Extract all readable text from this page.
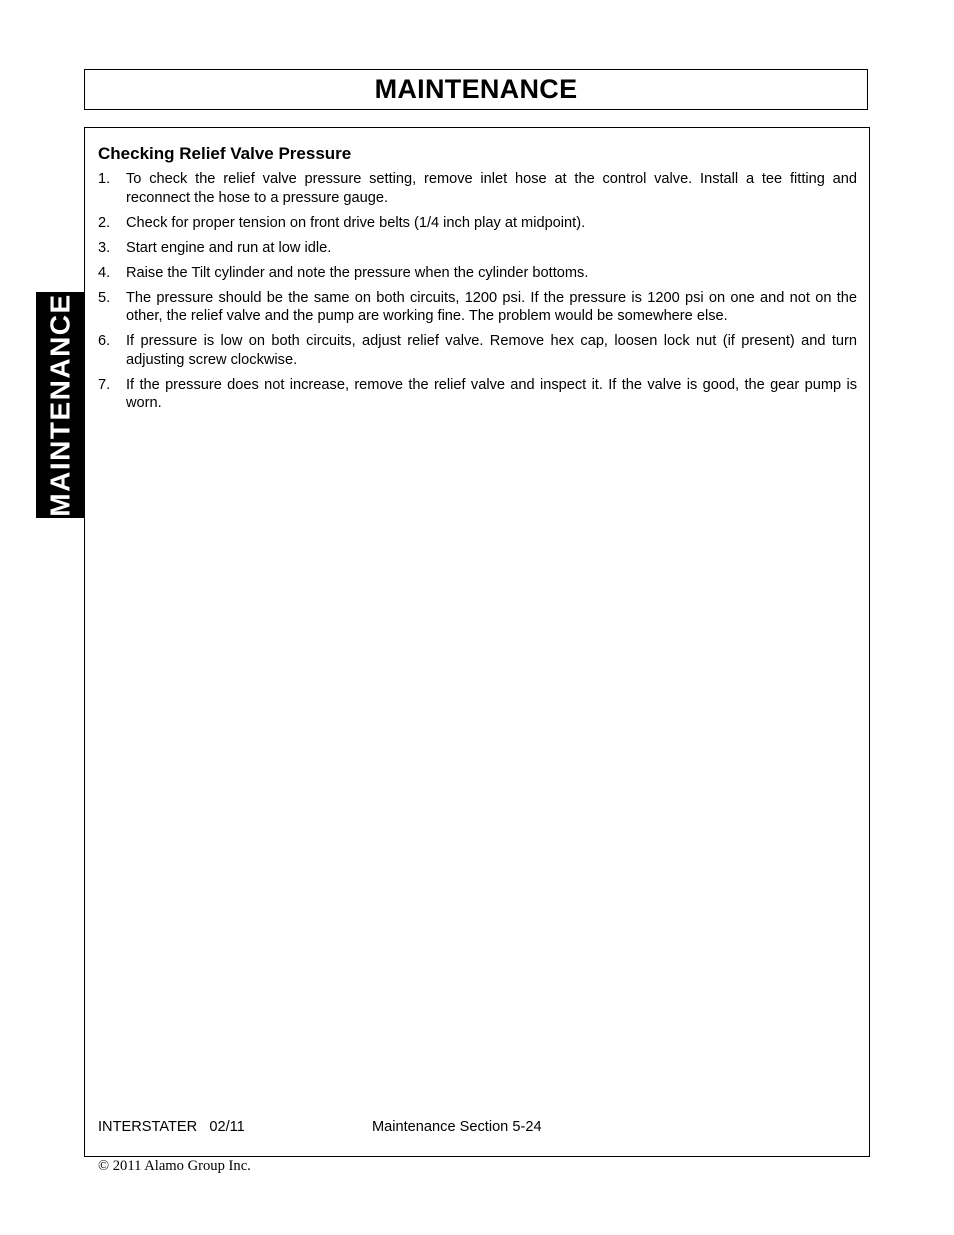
MAINTENANCE
MAINTENANCE
Checking Relief Valve Pressure
1.	To check the relief valve pressure setting, remove inlet hose at the control valve. Install a tee fitting and reconnect the hose to a pressure gauge.
2.	Check for proper tension on front drive belts (1/4 inch play at midpoint).
3.	Start engine and run at low idle.
4.	Raise the Tilt cylinder and note the pressure when the cylinder bottoms.
5.	The pressure should be the same on both circuits, 1200 psi. If the pressure is 1200 psi on one and not on the other, the relief valve and the pump are working fine. The problem would be somewhere else.
6.	If pressure is low on both circuits, adjust relief valve. Remove hex cap, loosen lock nut (if present) and turn adjusting screw clockwise.
7.	If the pressure does not increase, remove the relief valve and inspect it. If the valve is good, the gear pump is worn.
INTERSTATER   02/11	Maintenance Section 5-24
© 2011 Alamo Group Inc.
